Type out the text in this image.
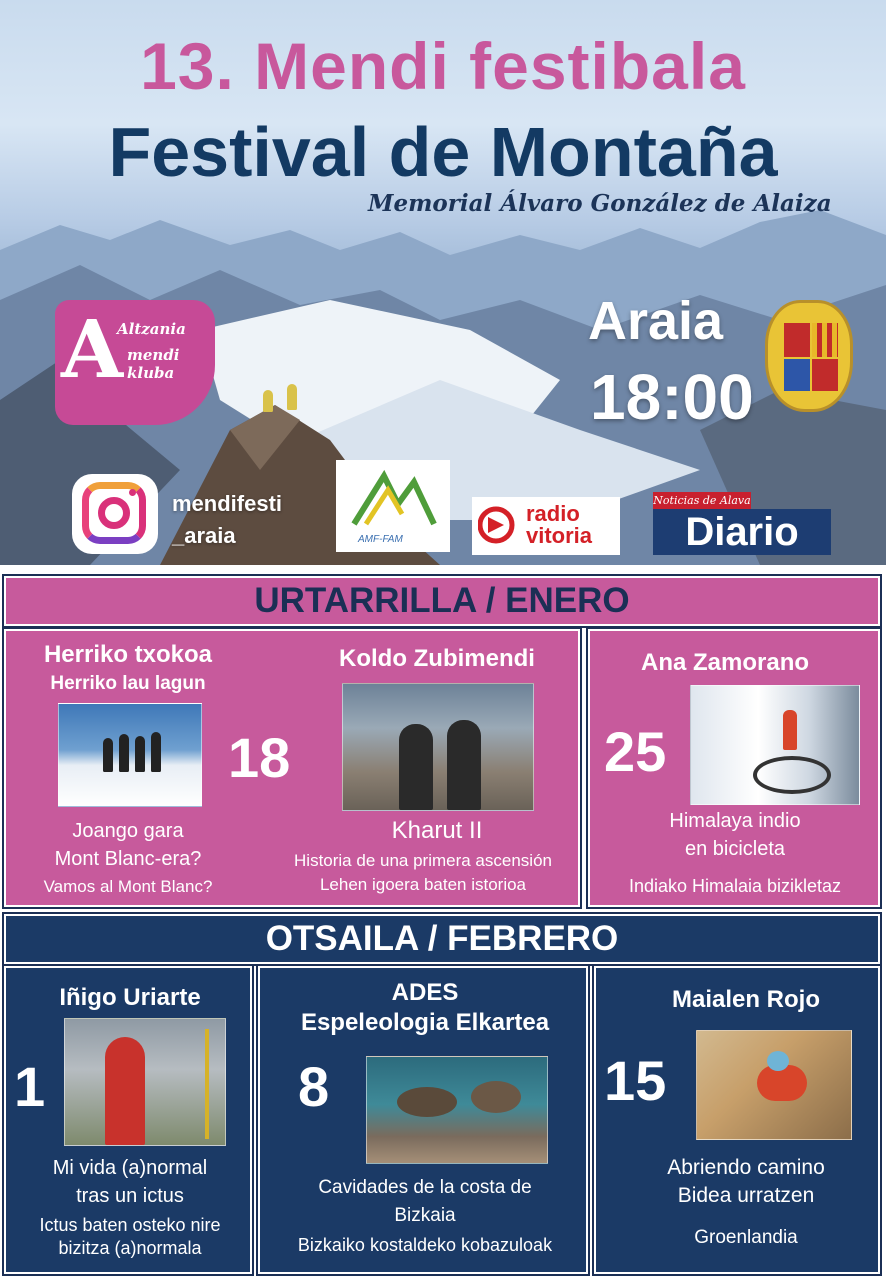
13. Mendi festibala
Festival de Montaña
Memorial Álvaro González de Alaiza
A
Altzania
mendi kluba
Araia
18:00
mendifesti
_araia	AMF-FAM
radio
vitoria
Noticias de Alava
Diario
URTARRILLA / ENERO
Herriko txokoa
Herriko lau lagun
Joango gara
Mont Blanc-era?
Vamos al Mont Blanc?
18
Koldo Zubimendi
Kharut II
Historia de una primera ascensión
Lehen igoera baten istorioa
Ana Zamorano
25
Himalaya indio
en bicicleta
Indiako Himalaia bizikletaz
OTSAILA / FEBRERO
Iñigo Uriarte
1
Mi vida (a)normal
tras un ictus
Ictus baten osteko nire
bizitza (a)normala
ADES
Espeleologia Elkartea
8
Cavidades de la costa de
Bizkaia
Bizkaiko kostaldeko kobazuloak
Maialen Rojo
15
Abriendo camino
Bidea urratzen
Groenlandia
